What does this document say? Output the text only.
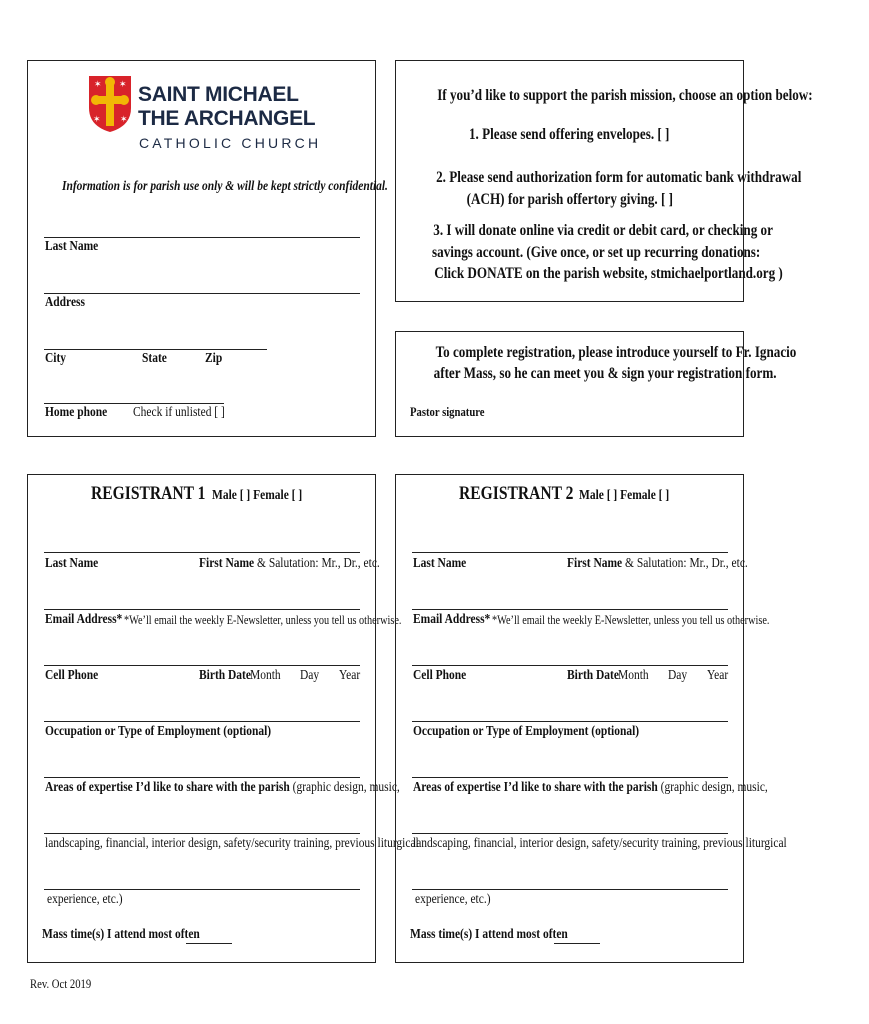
✶ ✶
✶ ✶
SAINT MICHAEL
THE ARCHANGEL
CATHOLIC CHURCH
Information is for parish use only & will be kept strictly confidential.
Last Name
Address
City	State	Zip
Home phone	Check if unlisted [ ]
If you’d like to support the parish mission, choose an option below:
1. Please send offering envelopes. [ ]
2. Please send authorization form for automatic bank withdrawal
(ACH) for parish offertory giving. [ ]
3. I will donate online via credit or debit card, or checking or
savings account. (Give once, or set up recurring donations:
Click DONATE on the parish website, stmichaelportland.org )
To complete registration, please introduce yourself to Fr. Ignacio
after Mass, so he can meet you & sign your registration form.
Pastor signature
REGISTRANT 1 Male [ ] Female [ ]
Last Name	First Name & Salutation: Mr., Dr., etc.
Email Address* *We’ll email the weekly E-Newsletter, unless you tell us otherwise.
Cell Phone	Birth Date Month	Day Year
Occupation or Type of Employment (optional)
Areas of expertise I’d like to share with the parish (graphic design, music,
landscaping, financial, interior design, safety/security training, previous liturgical
experience, etc.)
Mass time(s) I attend most often
REGISTRANT 2 Male [ ] Female [ ]
Last Name	First Name & Salutation: Mr., Dr., etc.
Email Address* *We’ll email the weekly E-Newsletter, unless you tell us otherwise.
Cell Phone	Birth Date Month	Day Year
Occupation or Type of Employment (optional)
Areas of expertise I’d like to share with the parish (graphic design, music,
landscaping, financial, interior design, safety/security training, previous liturgical
experience, etc.)
Mass time(s) I attend most often
Rev. Oct 2019
